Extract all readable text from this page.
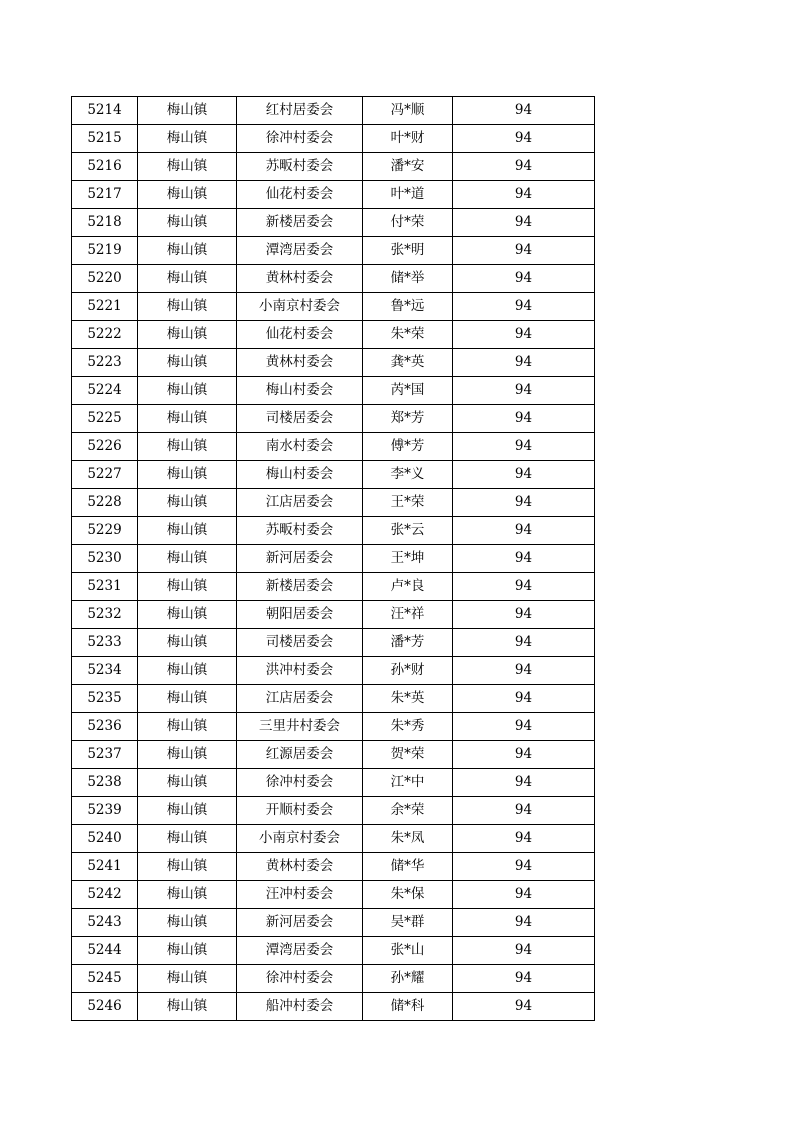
5214	梅山镇	红村居委会	冯*顺	94
5215	梅山镇	徐冲村委会	叶*财	94
5216	梅山镇	苏畈村委会	潘*安	94
5217	梅山镇	仙花村委会	叶*道	94
5218	梅山镇	新楼居委会	付*荣	94
5219	梅山镇	潭湾居委会	张*明	94
5220	梅山镇	黄林村委会	储*举	94
5221	梅山镇	小南京村委会	鲁*远	94
5222	梅山镇	仙花村委会	朱*荣	94
5223	梅山镇	黄林村委会	龚*英	94
5224	梅山镇	梅山村委会	芮*国	94
5225	梅山镇	司楼居委会	郑*芳	94
5226	梅山镇	南水村委会	傅*芳	94
5227	梅山镇	梅山村委会	李*义	94
5228	梅山镇	江店居委会	王*荣	94
5229	梅山镇	苏畈村委会	张*云	94
5230	梅山镇	新河居委会	王*坤	94
5231	梅山镇	新楼居委会	卢*良	94
5232	梅山镇	朝阳居委会	汪*祥	94
5233	梅山镇	司楼居委会	潘*芳	94
5234	梅山镇	洪冲村委会	孙*财	94
5235	梅山镇	江店居委会	朱*英	94
5236	梅山镇	三里井村委会	朱*秀	94
5237	梅山镇	红源居委会	贺*荣	94
5238	梅山镇	徐冲村委会	江*中	94
5239	梅山镇	开顺村委会	余*荣	94
5240	梅山镇	小南京村委会	朱*凤	94
5241	梅山镇	黄林村委会	储*华	94
5242	梅山镇	汪冲村委会	朱*保	94
5243	梅山镇	新河居委会	吴*群	94
5244	梅山镇	潭湾居委会	张*山	94
5245	梅山镇	徐冲村委会	孙*耀	94
5246	梅山镇	船冲村委会	储*科	94
